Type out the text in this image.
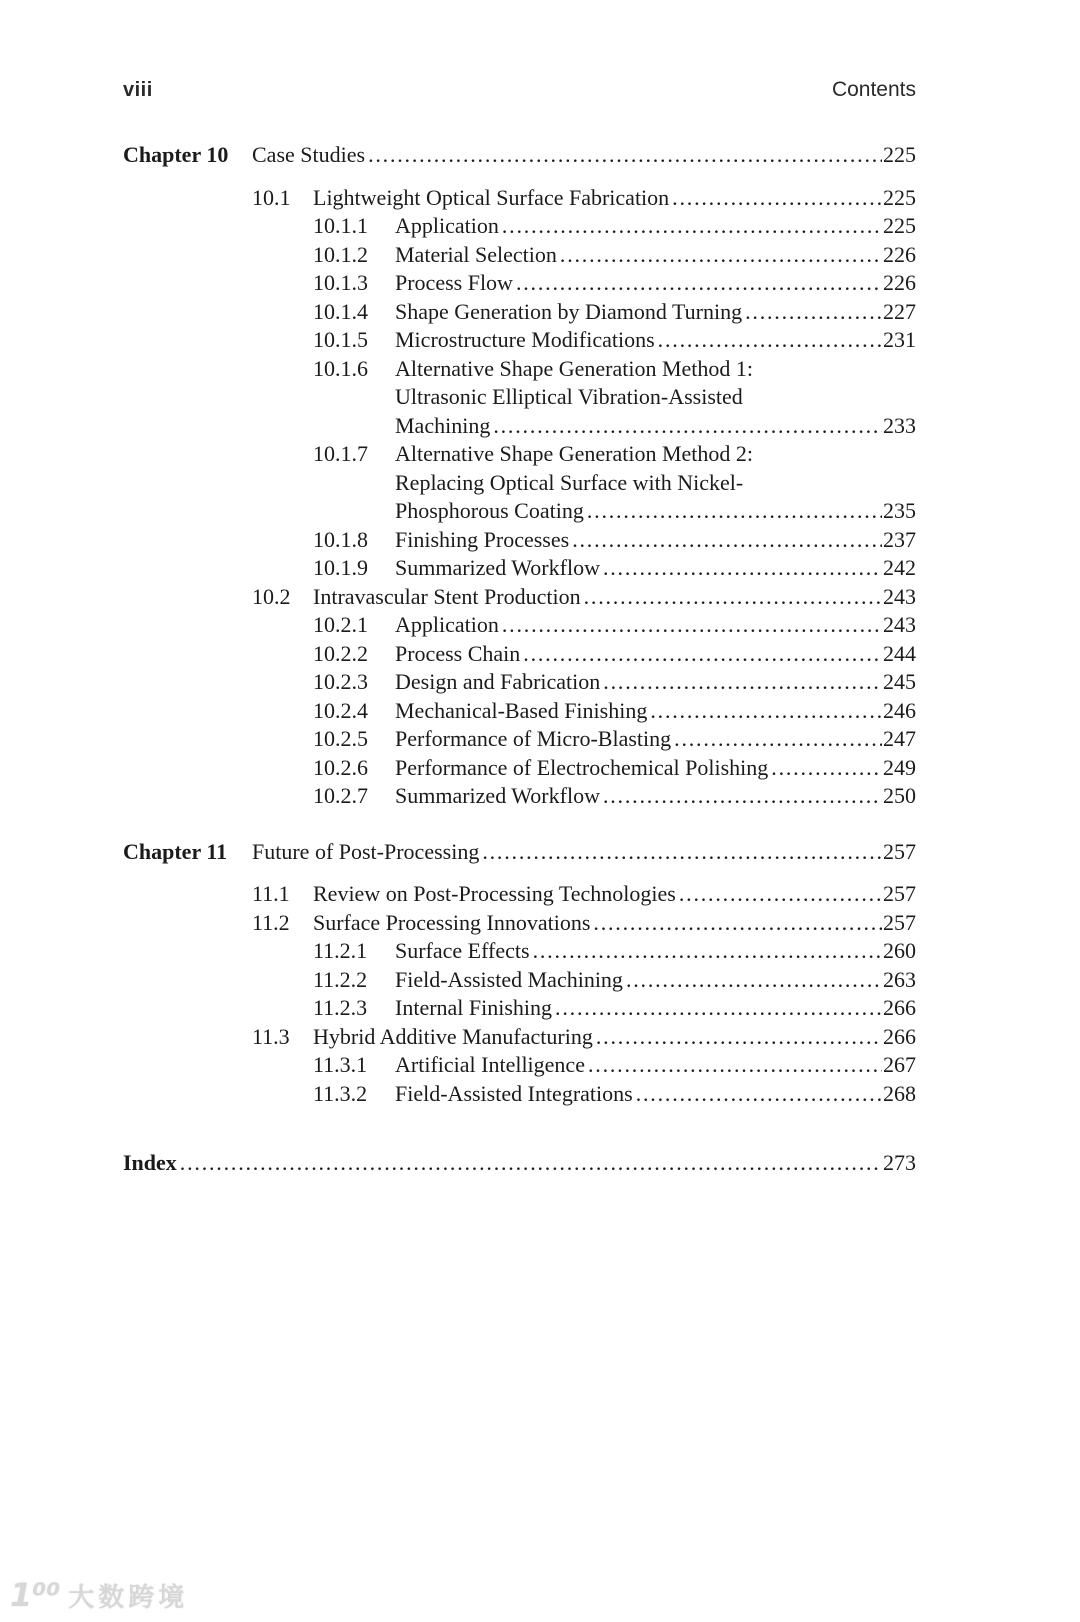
viii	Contents
Chapter 10	Case Studies .....	225
10.1	Lightweight Optical Surface Fabrication .....	225
10.1.1	Application .....	225
10.1.2	Material Selection .....	226
10.1.3	Process Flow .....	226
10.1.4	Shape Generation by Diamond Turning .....	227
10.1.5	Microstructure Modifications .....	231
10.1.6	Alternative Shape Generation Method 1:
Ultrasonic Elliptical Vibration-Assisted
Machining .....	233
10.1.7	Alternative Shape Generation Method 2:
Replacing Optical Surface with Nickel-
Phosphorous Coating .....	235
10.1.8	Finishing Processes .....	237
10.1.9	Summarized Workflow .....	242
10.2	Intravascular Stent Production .....	243
10.2.1	Application .....	243
10.2.2	Process Chain .....	244
10.2.3	Design and Fabrication .....	245
10.2.4	Mechanical-Based Finishing .....	246
10.2.5	Performance of Micro-Blasting .....	247
10.2.6	Performance of Electrochemical Polishing .....	249
10.2.7	Summarized Workflow .....	250
Chapter 11	Future of Post-Processing .....	257
11.1	Review on Post-Processing Technologies .....	257
11.2	Surface Processing Innovations .....	257
11.2.1	Surface Effects .....	260
11.2.2	Field-Assisted Machining .....	263
11.2.3	Internal Finishing .....	266
11.3	Hybrid Additive Manufacturing .....	266
11.3.1	Artificial Intelligence .....	267
11.3.2	Field-Assisted Integrations .....	268
Index .....	273
1⁰⁰ 大数跨境
